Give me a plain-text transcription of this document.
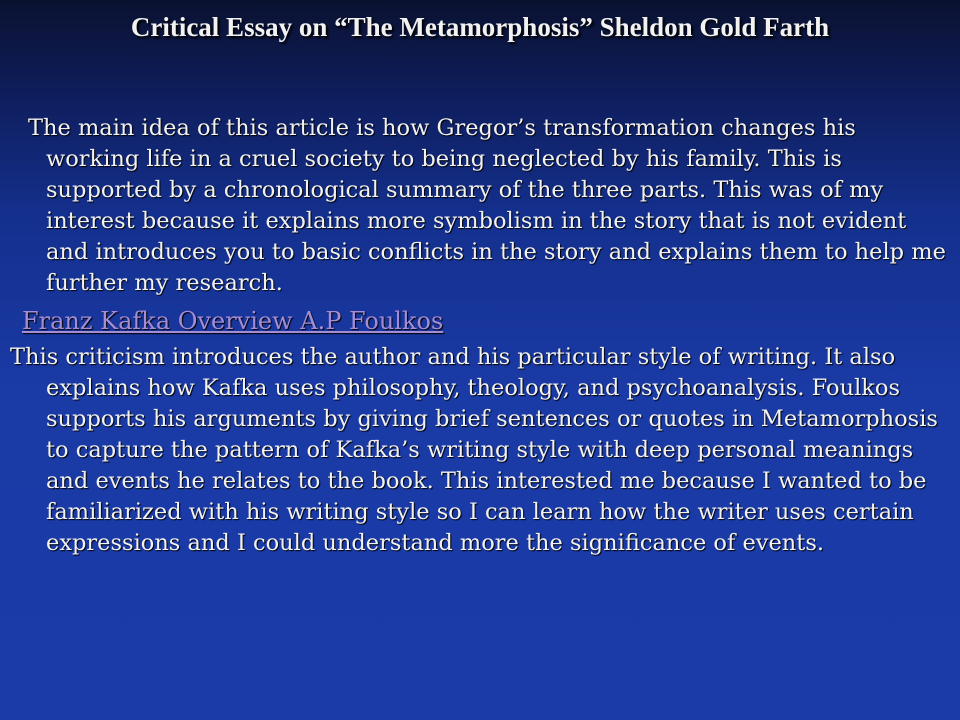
Critical Essay on “The Metamorphosis” Sheldon Gold Farth
The main idea of this article is how Gregor’s transformation changes his working life in a cruel society to being neglected by his family. This is supported by a chronological summary of the three parts. This was of my interest because it explains more symbolism in the story that is not evident and introduces you to basic conflicts in the story and explains them to help me further my research.
Franz Kafka Overview A.P Foulkos
This criticism introduces the author and his particular style of writing. It also explains how Kafka uses philosophy, theology, and psychoanalysis. Foulkos supports his arguments by giving brief sentences or quotes in Metamorphosis to capture the pattern of Kafka’s writing style with deep personal meanings and events he relates to the book. This interested me because I wanted to be familiarized with his writing style so I can learn how the writer uses certain expressions and I could understand more the significance of events.
